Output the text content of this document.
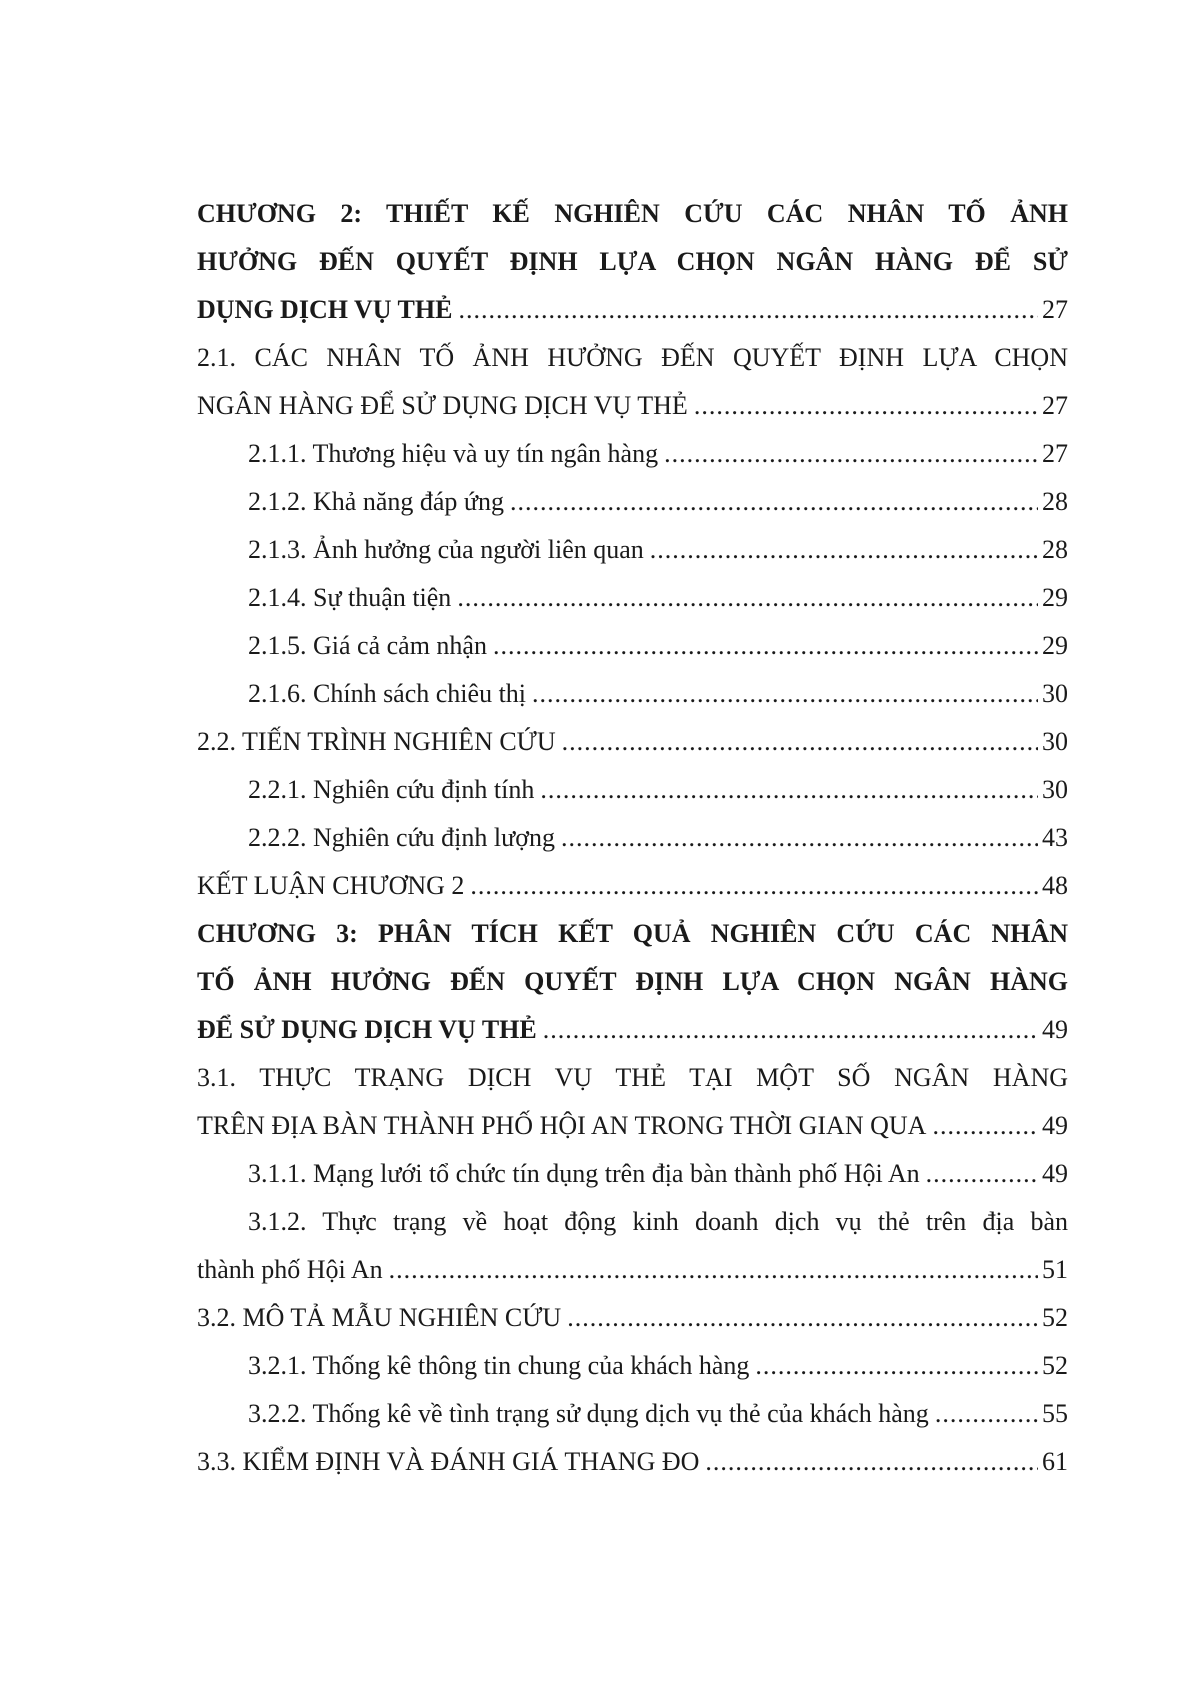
CHƯƠNG 2: THIẾT KẾ NGHIÊN CỨU CÁC NHÂN TỐ ẢNH
HƯỞNG ĐẾN QUYẾT ĐỊNH LỰA CHỌN NGÂN HÀNG ĐỂ SỬ
DỤNG DỊCH VỤ THẺ .....	27
2.1. CÁC NHÂN TỐ ẢNH HƯỞNG ĐẾN QUYẾT ĐỊNH LỰA CHỌN
NGÂN HÀNG ĐỂ SỬ DỤNG DỊCH VỤ THẺ .....	27
2.1.1. Thương hiệu và uy tín ngân hàng .....	27
2.1.2. Khả năng đáp ứng .....	28
2.1.3. Ảnh hưởng của người liên quan .....	28
2.1.4. Sự thuận tiện .....	29
2.1.5. Giá cả cảm nhận .....	29
2.1.6. Chính sách chiêu thị .....	30
2.2. TIẾN TRÌNH NGHIÊN CỨU .....	30
2.2.1. Nghiên cứu định tính .....	30
2.2.2. Nghiên cứu định lượng .....	43
KẾT LUẬN CHƯƠNG 2 .....	48
CHƯƠNG 3: PHÂN TÍCH KẾT QUẢ NGHIÊN CỨU CÁC NHÂN
TỐ ẢNH HƯỞNG ĐẾN QUYẾT ĐỊNH LỰA CHỌN NGÂN HÀNG
ĐỂ SỬ DỤNG DỊCH VỤ THẺ .....	49
3.1. THỰC TRẠNG DỊCH VỤ THẺ TẠI MỘT SỐ NGÂN HÀNG
TRÊN ĐỊA BÀN THÀNH PHỐ HỘI AN TRONG THỜI GIAN QUA .....	49
3.1.1. Mạng lưới tổ chức tín dụng trên địa bàn thành phố Hội An .....	49
3.1.2. Thực trạng về hoạt động kinh doanh dịch vụ thẻ trên địa bàn
thành phố Hội An .....	51
3.2. MÔ TẢ MẪU NGHIÊN CỨU .....	52
3.2.1. Thống kê thông tin chung của khách hàng .....	52
3.2.2. Thống kê về tình trạng sử dụng dịch vụ thẻ của khách hàng .....	55
3.3. KIỂM ĐỊNH VÀ ĐÁNH GIÁ THANG ĐO .....	61
